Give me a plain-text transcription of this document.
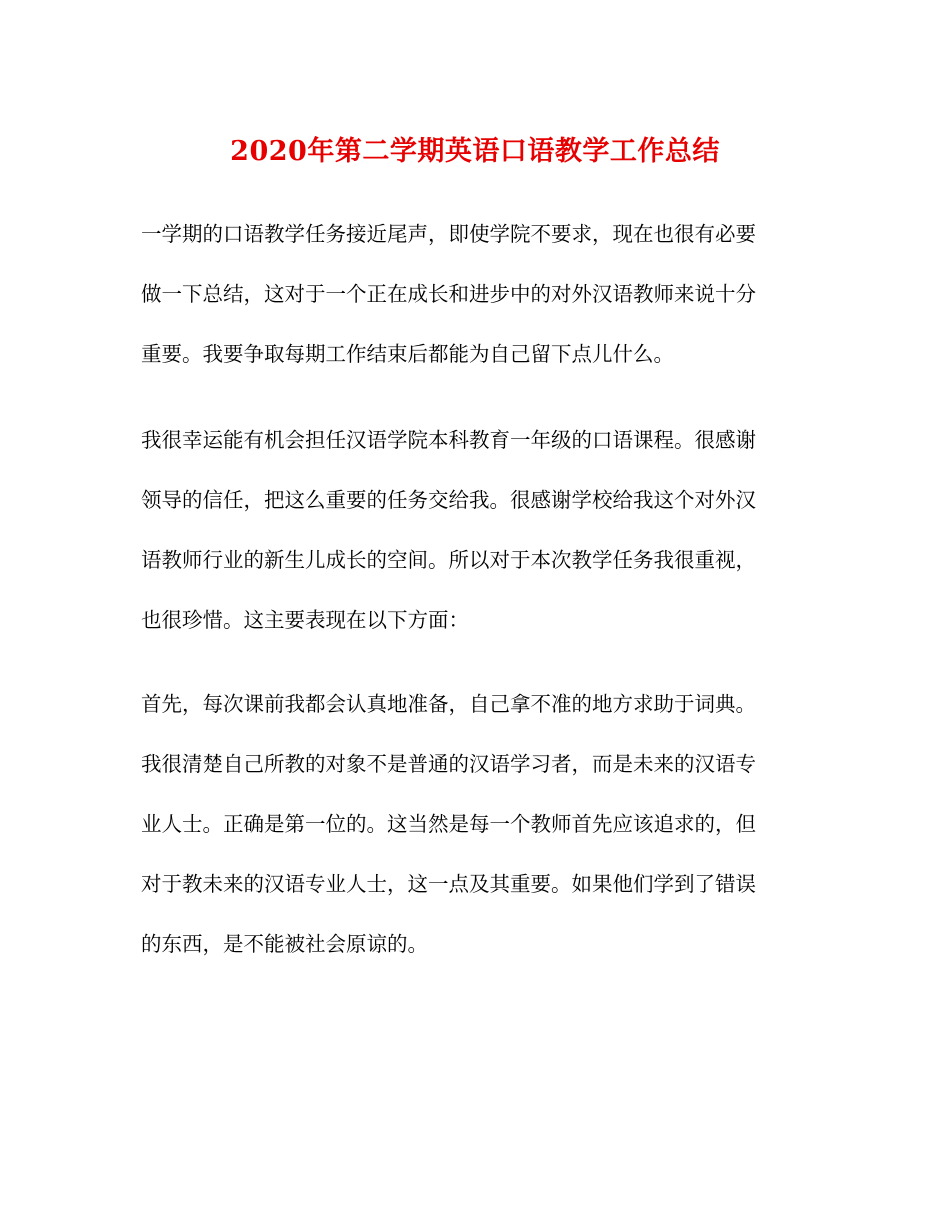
2020年第二学期英语口语教学工作总结
一学期的口语教学任务接近尾声，即使学院不要求，现在也很有必要
做一下总结，这对于一个正在成长和进步中的对外汉语教师来说十分
重要。我要争取每期工作结束后都能为自己留下点儿什么。
我很幸运能有机会担任汉语学院本科教育一年级的口语课程。很感谢
领导的信任，把这么重要的任务交给我。很感谢学校给我这个对外汉
语教师行业的新生儿成长的空间。所以对于本次教学任务我很重视，
也很珍惜。这主要表现在以下方面：
首先，每次课前我都会认真地准备，自己拿不准的地方求助于词典。
我很清楚自己所教的对象不是普通的汉语学习者，而是未来的汉语专
业人士。正确是第一位的。这当然是每一个教师首先应该追求的，但
对于教未来的汉语专业人士，这一点及其重要。如果他们学到了错误
的东西，是不能被社会原谅的。
